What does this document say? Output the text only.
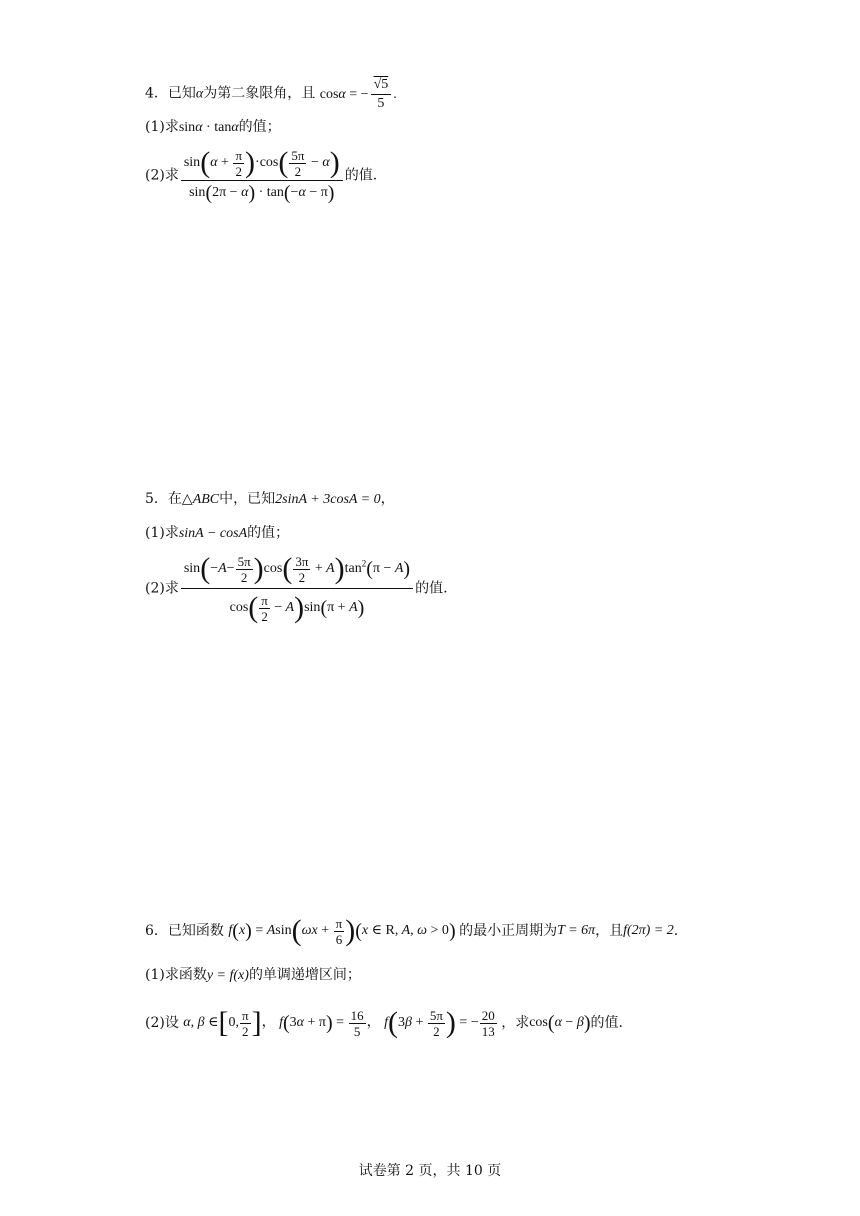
4．已知α为第二象限角，且 cosα = − $\frac{√5}{5}$ .
(1)求sinα · tanα的值；
(2)求 $\frac{\sin(\alpha + \frac{\pi}{2} )\cdot\cos( \frac{5\pi}{2} - \alpha)}{\sin(2\pi - \alpha) \cdot \tan(-\alpha - \pi)}$ 的值.
5．在△ABC中，已知2sinA + 3cosA = 0，
(1)求sinA − cosA的值；
(2)求 $\frac{\sin(-A- \frac{5\pi}{2} )\cos( \frac{3\pi}{2} + A)\tan^2(\pi - A)}{\cos( \frac{\pi}{2} - A)\sin(\pi + A)}$ 的值.
6．已知函数 $f(x) = Asin(\omega x + \frac{\pi}{6} )(x$ ∈ R, A, ω > 0) 的最小正周期为T = 6π，且f(2π) = 2.
(1)求函数y = f(x)的单调递增区间；
(2)设 α, β ∈[0, $\frac{\pi}{2}$ ]， $f(3\alpha + \pi) = \frac{16}{5}$ ， $f(3\beta + \frac{5\pi}{2}$ ) = − $\frac{20}{13}$ ，求cos(α − β)的值.
试卷第 2 页，共 10 页
